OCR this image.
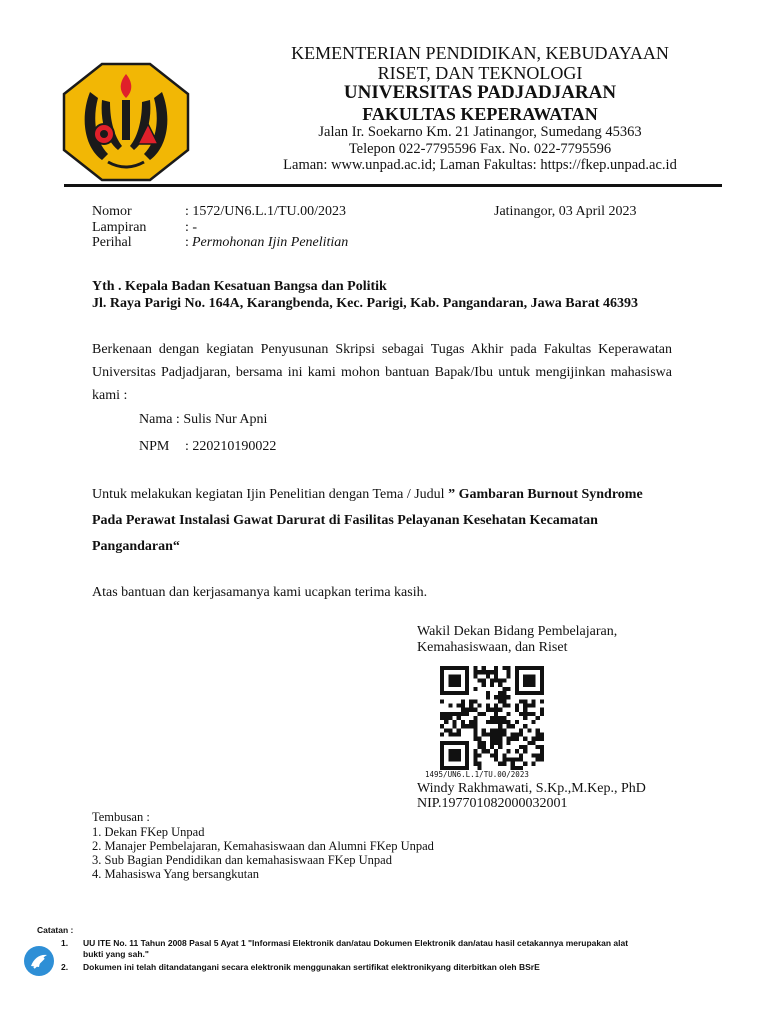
KEMENTERIAN PENDIDIKAN, KEBUDAYAAN
RISET, DAN TEKNOLOGI
UNIVERSITAS PADJADJARAN
FAKULTAS KEPERAWATAN
Jalan Ir. Soekarno Km. 21 Jatinangor, Sumedang 45363
Telepon 022-7795596 Fax. No. 022-7795596
Laman: www.unpad.ac.id; Laman Fakultas: https://fkep.unpad.ac.id
Nomor	: 1572/UN6.L.1/TU.00/2023	Jatinangor, 03 April 2023
Lampiran	: -
Perihal	: Permohonan Ijin Penelitian
Yth . Kepala Badan Kesatuan Bangsa dan Politik
Jl. Raya Parigi No. 164A, Karangbenda, Kec. Parigi, Kab. Pangandaran, Jawa Barat 46393
Berkenaan dengan kegiatan Penyusunan Skripsi sebagai Tugas Akhir pada Fakultas Keperawatan
Universitas Padjadjaran, bersama ini kami mohon bantuan Bapak/Ibu untuk mengijinkan mahasiswa
kami :
Nama : Sulis Nur Apni
NPM : 220210190022
Untuk melakukan kegiatan Ijin Penelitian dengan Tema / Judul ” Gambaran Burnout Syndrome
Pada Perawat Instalasi Gawat Darurat di Fasilitas Pelayanan Kesehatan Kecamatan
Pangandaran“
Atas bantuan dan kerjasamanya kami ucapkan terima kasih.
Wakil Dekan Bidang Pembelajaran,
Kemahasiswaan, dan Riset
1495/UN6.L.1/TU.00/2023
Windy Rakhmawati, S.Kp.,M.Kep., PhD
NIP.197701082000032001
Tembusan :
1. Dekan FKep Unpad
2. Manajer Pembelajaran, Kemahasiswaan dan Alumni FKep Unpad
3. Sub Bagian Pendidikan dan kemahasiswaan FKep Unpad
4. Mahasiswa Yang bersangkutan
Catatan :
1. UU ITE No. 11 Tahun 2008 Pasal 5 Ayat 1 "Informasi Elektronik dan/atau Dokumen Elektronik dan/atau hasil cetakannya merupakan alat
bukti yang sah."
2. Dokumen ini telah ditandatangani secara elektronik menggunakan sertifikat elektronikyang diterbitkan oleh BSrE
